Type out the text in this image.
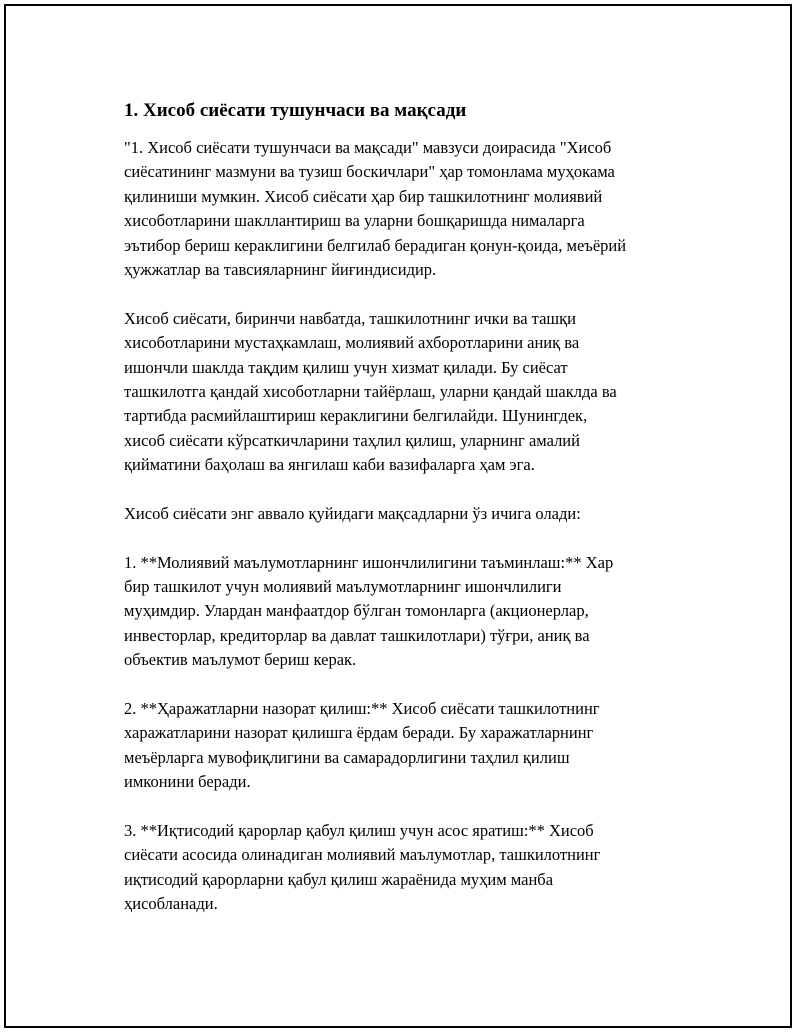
1. Хисоб сиёсати тушунчаси ва мақсади
"1. Хисоб сиёсати тушунчаси ва мақсади" мавзуси доирасида "Хисоб
сиёсатининг мазмуни ва тузиш боскичлари" ҳар томонлама муҳокама
қилиниши мумкин. Хисоб сиёсати ҳар бир ташкилотнинг молиявий
хисоботларини шакллантириш ва уларни бошқаришда нималарга
эътибор бериш кераклигини белгилаб берадиган қонун-қоида, меъёрий
ҳужжатлар ва тавсияларнинг йиғиндисидир.
Хисоб сиёсати, биринчи навбатда, ташкилотнинг ички ва ташқи
хисоботларини мустаҳкамлаш, молиявий ахборотларини аниқ ва
ишончли шаклда тақдим қилиш учун хизмат қилади. Бу сиёсат
ташкилотга қандай хисоботларни тайёрлаш, уларни қандай шаклда ва
тартибда расмийлаштириш кераклигини белгилайди. Шунингдек,
хисоб сиёсати кўрсаткичларини таҳлил қилиш, уларнинг амалий
қийматини баҳолаш ва янгилаш каби вазифаларга ҳам эга.
Хисоб сиёсати энг аввало қуйидаги мақсадларни ўз ичига олади:
1. **Молиявий маълумотларнинг ишончлилигини таъминлаш:** Хар
бир ташкилот учун молиявий маълумотларнинг ишончлилиги
муҳимдир. Улардан манфаатдор бўлган томонларга (акционерлар,
инвесторлар, кредиторлар ва давлат ташкилотлари) тўғри, аниқ ва
объектив маълумот бериш керак.
2. **Ҳаражатларни назорат қилиш:** Хисоб сиёсати ташкилотнинг
харажатларини назорат қилишга ёрдам беради. Бу харажатларнинг
меъёрларга мувофиқлигини ва самарадорлигини таҳлил қилиш
имконини беради.
3. **Иқтисодий қарорлар қабул қилиш учун асос яратиш:** Хисоб
сиёсати асосида олинадиган молиявий маълумотлар, ташкилотнинг
иқтисодий қарорларни қабул қилиш жараёнида муҳим манба
ҳисобланади.
